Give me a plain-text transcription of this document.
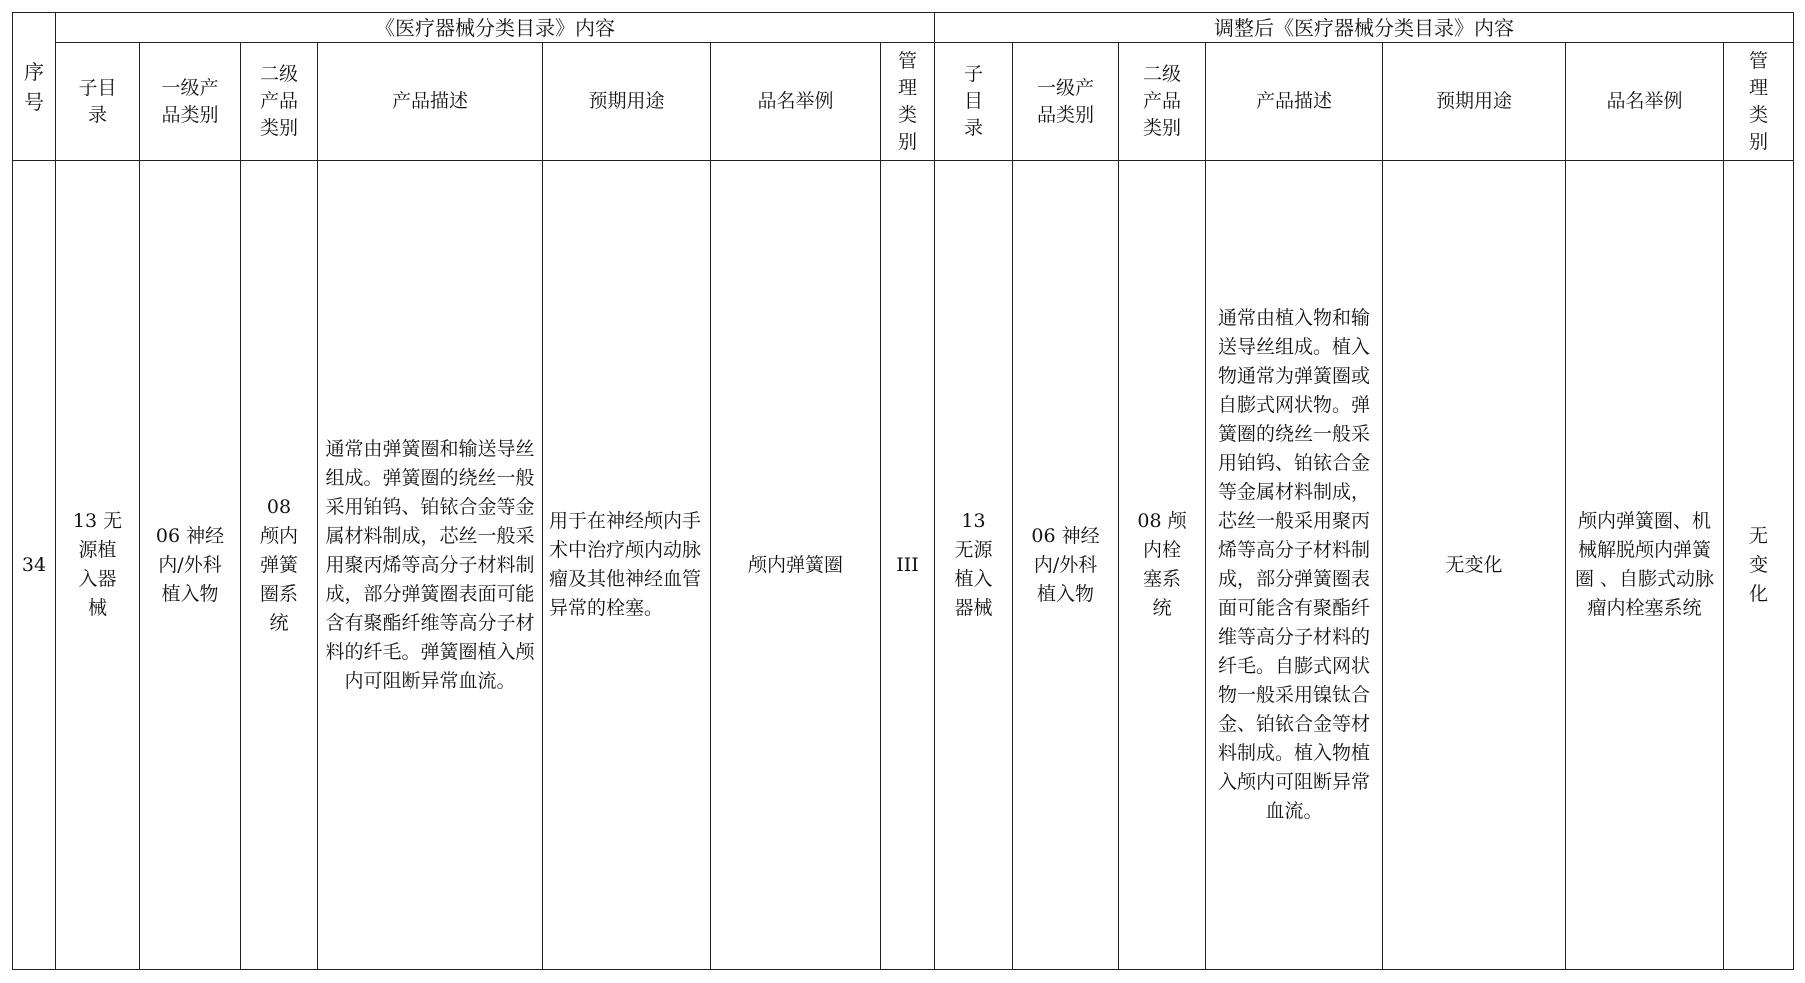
序号	《医疗器械分类目录》内容							调整后《医疗器械分类目录》内容						
	子目录	一级产品类别	二级产品类别	产品描述	预期用途	品名举例	管理类别	子目录	一级产品类别	二级产品类别	产品描述	预期用途	品名举例	管理类别
34	13 无源植入器械	06 神经内/外科植入物	08 颅内弹簧圈系统	通常由弹簧圈和输送导丝组成。弹簧圈的绕丝一般采用铂钨、铂铱合金等金属材料制成，芯丝一般采用聚丙烯等高分子材料制成，部分弹簧圈表面可能含有聚酯纤维等高分子材料的纤毛。弹簧圈植入颅内可阻断异常血流。	用于在神经颅内手术中治疗颅内动脉瘤及其他神经血管异常的栓塞。	颅内弹簧圈	III	13 无源植入器械	06 神经内/外科植入物	08 颅内栓塞系统	通常由植入物和输送导丝组成。植入物通常为弹簧圈或自膨式网状物。弹簧圈的绕丝一般采用铂钨、铂铱合金等金属材料制成，芯丝一般采用聚丙烯等高分子材料制成，部分弹簧圈表面可能含有聚酯纤维等高分子材料的纤毛。自膨式网状物一般采用镍钛合金、铂铱合金等材料制成。植入物植入颅内可阻断异常血流。	无变化	颅内弹簧圈、机械解脱颅内弹簧圈 、自膨式动脉瘤内栓塞系统	无变化
